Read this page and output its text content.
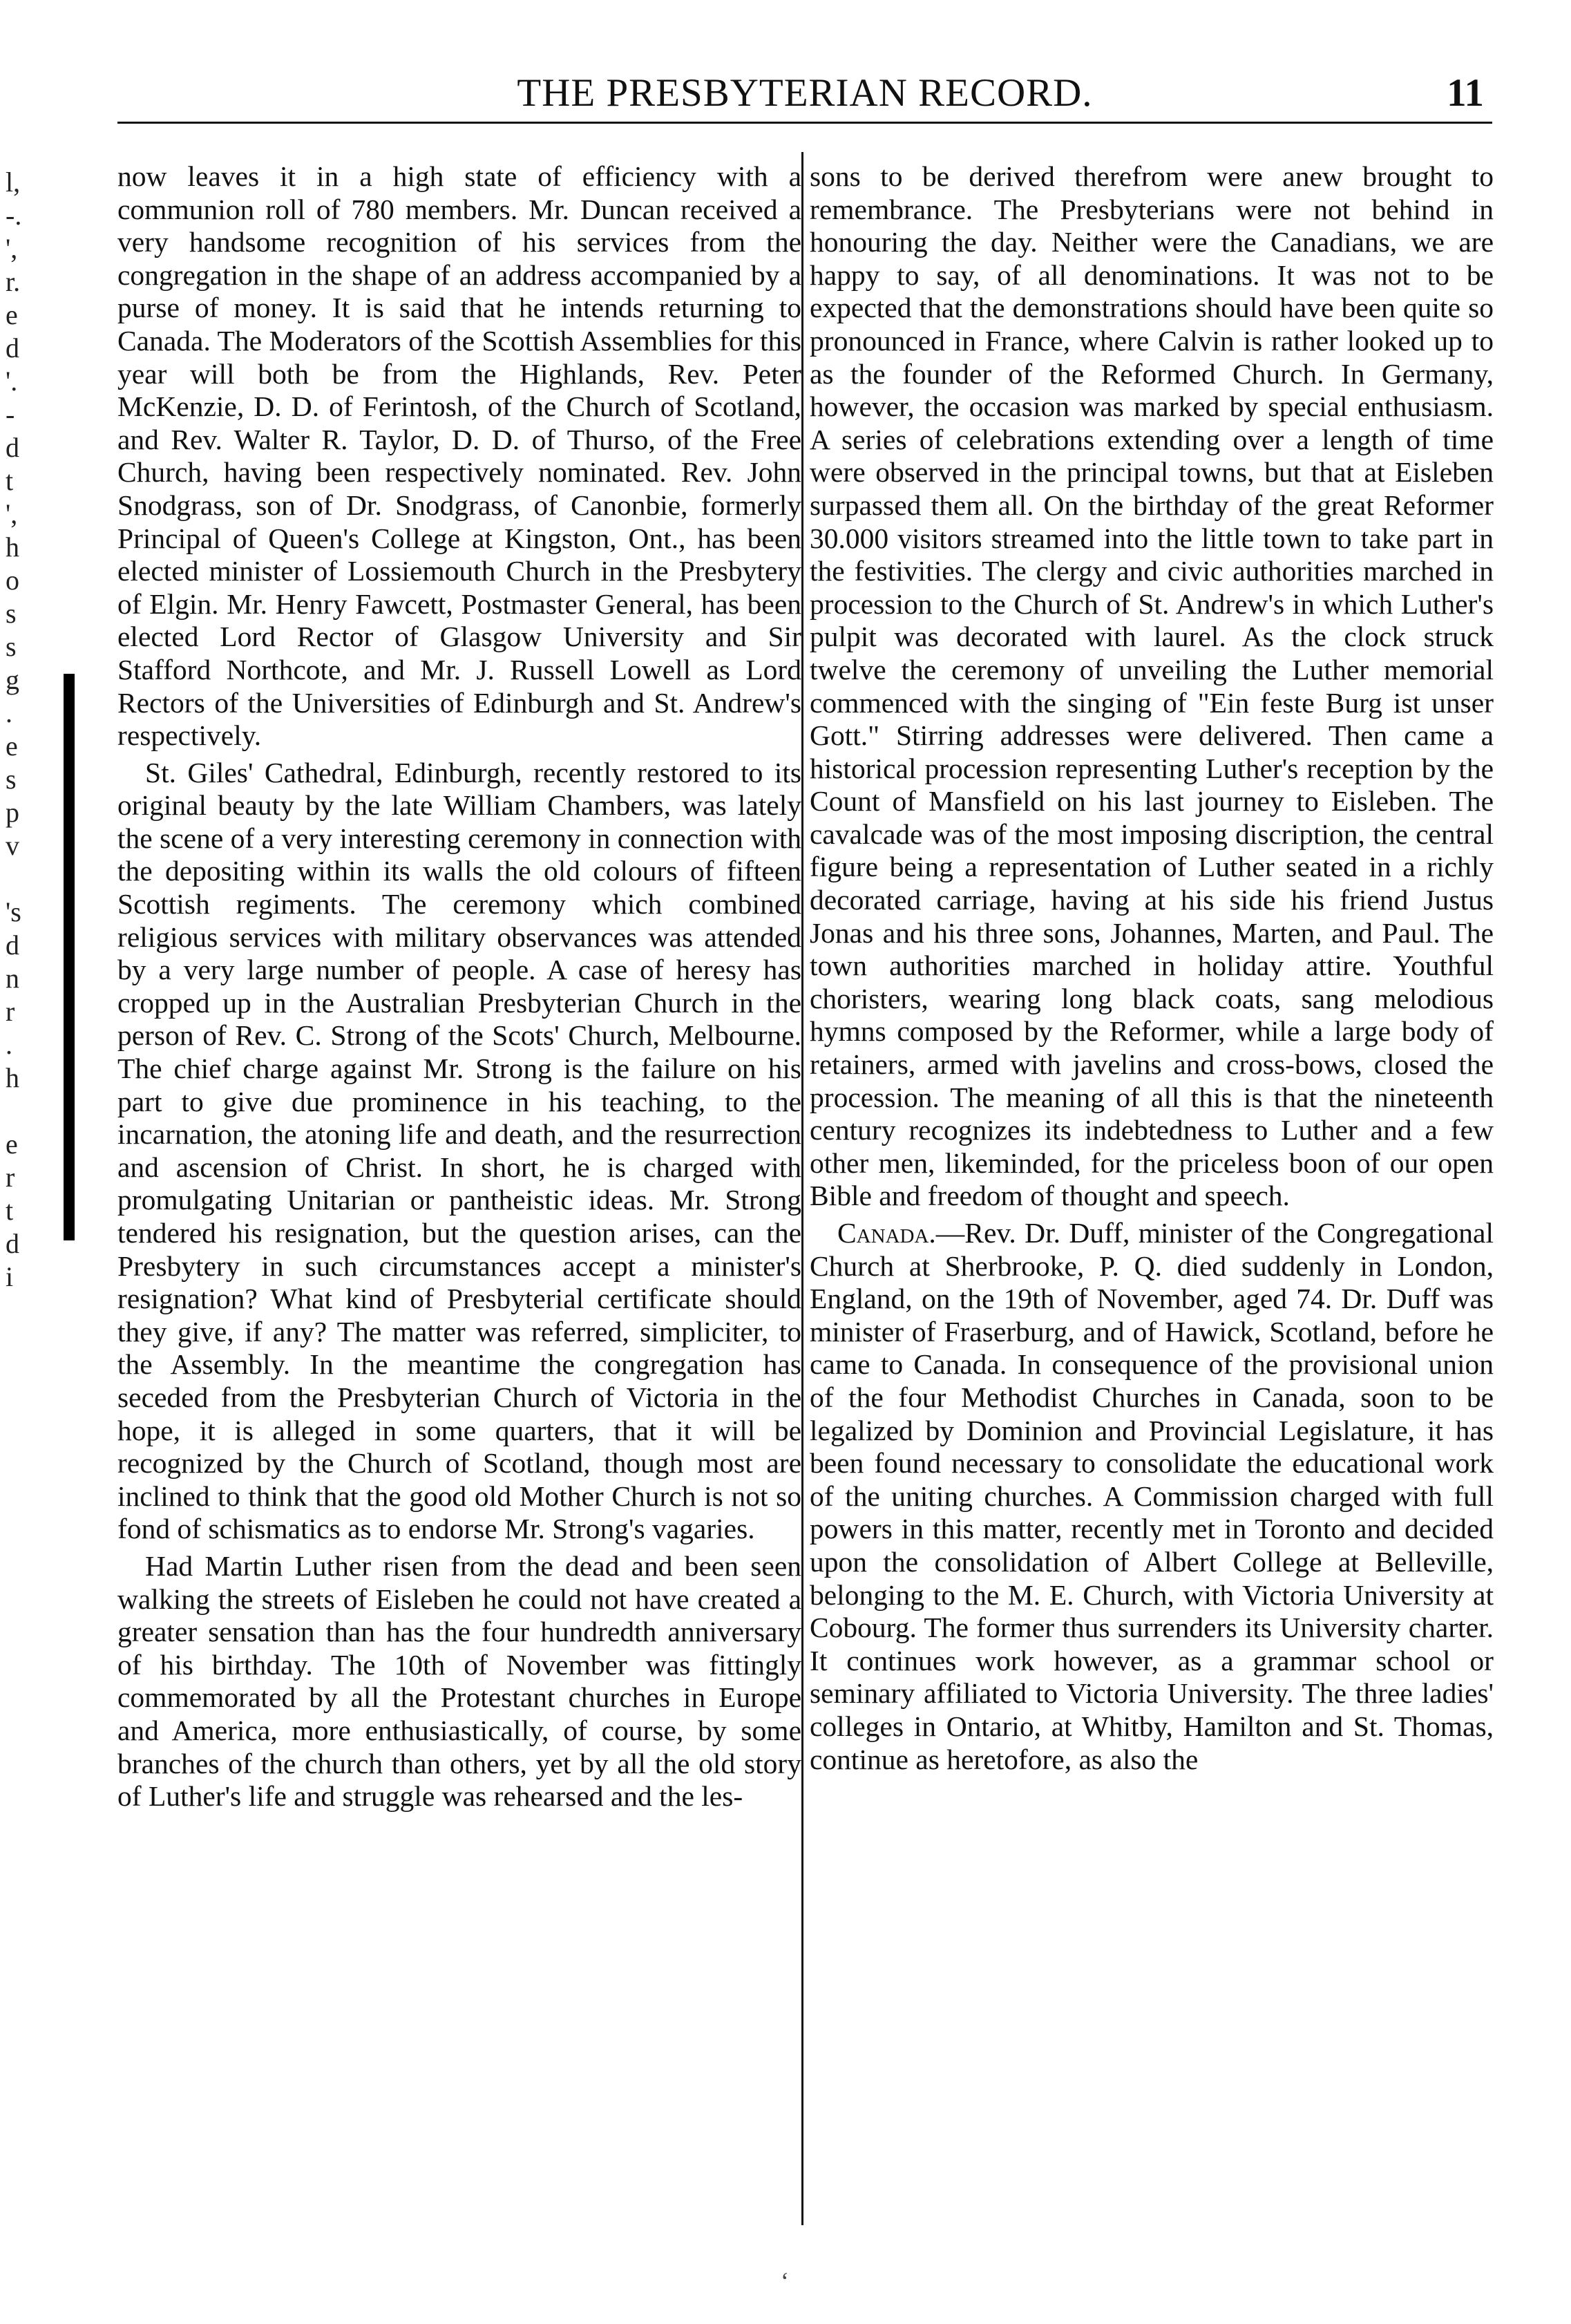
THE PRESBYTERIAN RECORD.	11
l,
-.
',
r.
e
d
'.
-
d
t
',
h
o
s
s
g
.
e
s
p
v
's
d
n
r
.
h
e
r
t
d
i

now leaves it in a high state of efficiency with a communion roll of 780 members. Mr. Duncan received a very handsome recognition of his services from the congregation in the shape of an address accompanied by a purse of money. It is said that he intends returning to Canada. The Moderators of the Scottish Assemblies for this year will both be from the Highlands, Rev. Peter McKenzie, D. D. of Ferintosh, of the Church of Scotland, and Rev. Walter R. Taylor, D. D. of Thurso, of the Free Church, having been respectively nominated. Rev. John Snodgrass, son of Dr. Snodgrass, of Canonbie, formerly Principal of Queen's College at Kingston, Ont., has been elected minister of Lossiemouth Church in the Presbytery of Elgin. Mr. Henry Fawcett, Postmaster General, has been elected Lord Rector of Glasgow University and Sir Stafford Northcote, and Mr. J. Russell Lowell as Lord Rectors of the Universities of Edinburgh and St. Andrew's respectively.

St. Giles' Cathedral, Edinburgh, recently restored to its original beauty by the late William Chambers, was lately the scene of a very interesting ceremony in connection with the depositing within its walls the old colours of fifteen Scottish regiments. The ceremony which combined religious services with military observances was attended by a very large number of people. A case of heresy has cropped up in the Australian Presbyterian Church in the person of Rev. C. Strong of the Scots' Church, Melbourne. The chief charge against Mr. Strong is the failure on his part to give due prominence in his teaching, to the incarnation, the atoning life and death, and the resurrection and ascension of Christ. In short, he is charged with promulgating Unitarian or pantheistic ideas. Mr. Strong tendered his resignation, but the question arises, can the Presbytery in such circumstances accept a minister's resignation? What kind of Presbyterial certificate should they give, if any? The matter was referred, simpliciter, to the Assembly. In the meantime the congregation has seceded from the Presbyterian Church of Victoria in the hope, it is alleged in some quarters, that it will be recognized by the Church of Scotland, though most are inclined to think that the good old Mother Church is not so fond of schismatics as to endorse Mr. Strong's vagaries.

Had Martin Luther risen from the dead and been seen walking the streets of Eisleben he could not have created a greater sensation than has the four hundredth anniversary of his birthday. The 10th of November was fittingly commemorated by all the Protestant churches in Europe and America, more enthusiastically, of course, by some branches of the church than others, yet by all the old story of Luther's life and struggle was rehearsed and the les-

sons to be derived therefrom were anew brought to remembrance. The Presbyterians were not behind in honouring the day. Neither were the Canadians, we are happy to say, of all denominations. It was not to be expected that the demonstrations should have been quite so pronounced in France, where Calvin is rather looked up to as the founder of the Reformed Church. In Germany, however, the occasion was marked by special enthusiasm. A series of celebrations extending over a length of time were observed in the principal towns, but that at Eisleben surpassed them all. On the birthday of the great Reformer 30.000 visitors streamed into the little town to take part in the festivities. The clergy and civic authorities marched in procession to the Church of St. Andrew's in which Luther's pulpit was decorated with laurel. As the clock struck twelve the ceremony of unveiling the Luther memorial commenced with the singing of "Ein feste Burg ist unser Gott." Stirring addresses were delivered. Then came a historical procession representing Luther's reception by the Count of Mansfield on his last journey to Eisleben. The cavalcade was of the most imposing discription, the central figure being a representation of Luther seated in a richly decorated carriage, having at his side his friend Justus Jonas and his three sons, Johannes, Marten, and Paul. The town authorities marched in holiday attire. Youthful choristers, wearing long black coats, sang melodious hymns composed by the Reformer, while a large body of retainers, armed with javelins and cross-bows, closed the procession. The meaning of all this is that the nineteenth century recognizes its indebtedness to Luther and a few other men, likeminded, for the priceless boon of our open Bible and freedom of thought and speech.

Canada.—Rev. Dr. Duff, minister of the Congregational Church at Sherbrooke, P. Q. died suddenly in London, England, on the 19th of November, aged 74. Dr. Duff was minister of Fraserburg, and of Hawick, Scotland, before he came to Canada. In consequence of the provisional union of the four Methodist Churches in Canada, soon to be legalized by Dominion and Provincial Legislature, it has been found necessary to consolidate the educational work of the uniting churches. A Commission charged with full powers in this matter, recently met in Toronto and decided upon the consolidation of Albert College at Belleville, belonging to the M. E. Church, with Victoria University at Cobourg. The former thus surrenders its University charter. It continues work however, as a grammar school or seminary affiliated to Victoria University. The three ladies' colleges in Ontario, at Whitby, Hamilton and St. Thomas, continue as heretofore, as also the

‘
